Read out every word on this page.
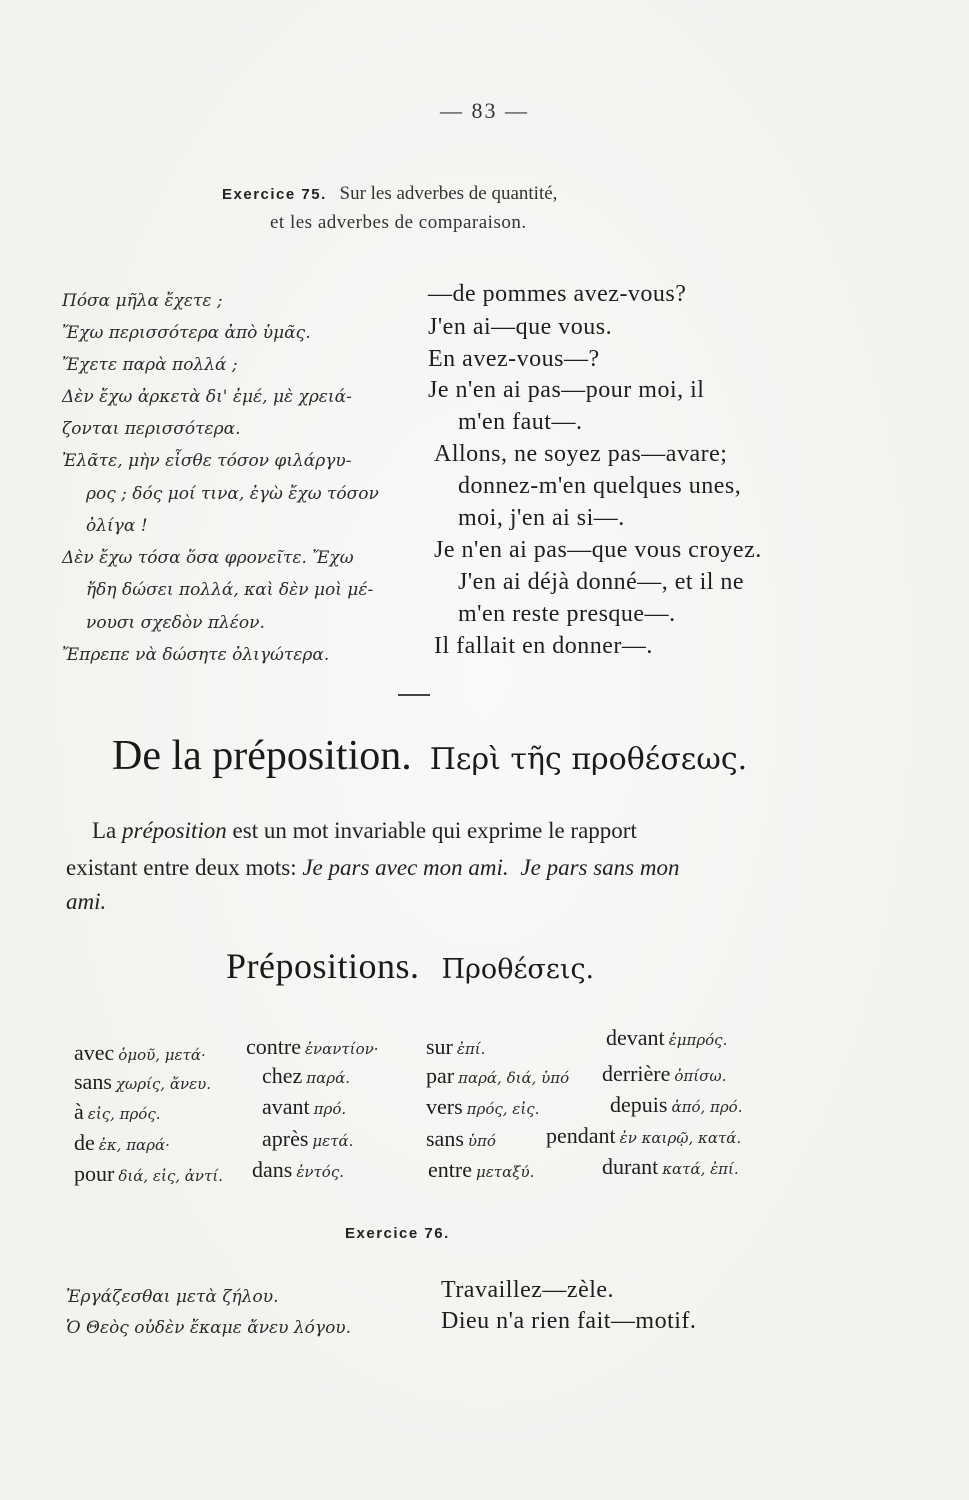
— 83 —
Exercice 75. Sur les adverbes de quantité,
et les adverbes de comparaison.
Πόσα μῆλα ἔχετε ;
Ἔχω περισσότερα ἀπὸ ὑμᾶς.
Ἔχετε παρὰ πολλά ;
Δὲν ἔχω ἀρκετὰ δι' ἐμέ, μὲ χρειά-
ζονται περισσότερα.
Ἐλᾶτε, μὴν εἶσθε τόσον φιλάργυ-
ρος ; δός μοί τινα, ἐγὼ ἔχω τόσον
ὀλίγα !
Δὲν ἔχω τόσα ὅσα φρονεῖτε. Ἔχω
ἤδη δώσει πολλά, καὶ δὲν μοὶ μέ-
νουσι σχεδὸν πλέον.
Ἔπρεπε νὰ δώσητε ὀλιγώτερα.
—de pommes avez-vous?
J'en ai—que vous.
En avez-vous—?
Je n'en ai pas—pour moi, il
m'en faut—.
Allons, ne soyez pas—avare;
donnez-m'en quelques unes,
moi, j'en ai si—.
Je n'en ai pas—que vous croyez.
J'en ai déjà donné—, et il ne
m'en reste presque—.
Il fallait en donner—.
De la préposition. Περὶ τῆς προθέσεως.
La préposition est un mot invariable qui exprime le rapport
existant entre deux mots: Je pars avec mon ami. Je pars sans mon
ami.
Prépositions. Προθέσεις.
avec ὁμοῦ, μετά· contre ἐναντίον· sur ἐπί.	devant ἐμπρός.
sans χωρίς, ἄνευ. chez παρά.	par παρά, διά, ὑπό derrière ὀπίσω.
à εἰς, πρός.	avant πρό.	vers πρός, εἰς.	depuis ἀπό, πρό.
de ἐκ, παρά·	après μετά.	sans ὑπό pendant ἐν καιρῷ, κατά.
pour διά, εἰς, ἀντί. dans ἐντός.	entre μεταξύ.	durant κατά, ἐπί.
Exercice 76.
Ἐργάζεσθαι μετὰ ζήλου.
Ὁ Θεὸς οὐδὲν ἔκαμε ἄνευ λόγου.
Travaillez—zèle.
Dieu n'a rien fait—motif.
